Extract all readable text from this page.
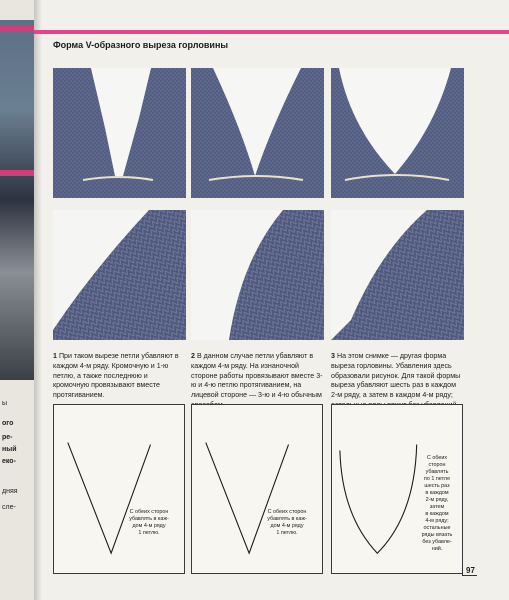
ы
ого
ре-
ный
еко-
дняя
сле-
Форма V-образного выреза горловины
1 При таком вырезе петли убавляют в каждом 4-м ряду. Кромочную и 1-ю петлю, а также последнюю и кромочную провязывают вместе протягиванием.
2 В данном случае петли убавляют в каждом 4-м ряду. На изнаночной стороне работы провязывают вместе 3-ю и 4-ю петлю протягиванием, на лицевой стороне — 3-ю и 4-ю обычным
3 На этом снимке — другая форма выреза горловины. Убавления здесь образовали рисунок. Для такой формы выреза убавляют шесть раз в каждом 2-м ряду, а затем в каждом 4-м ряду;
С обеих сторон
убавлять в каж-
дом 4-м ряду
1 петлю.
С обеих сторон
убавлять в каж-
дом 4-м ряду
1 петлю.
С обеих
сторон
убавлять
по 1 петле
шесть раз
в каждом
2-м ряду,
затем
в каждом
4-м ряду;
остальные
ряды вязать
без убавле-
ний.
97
